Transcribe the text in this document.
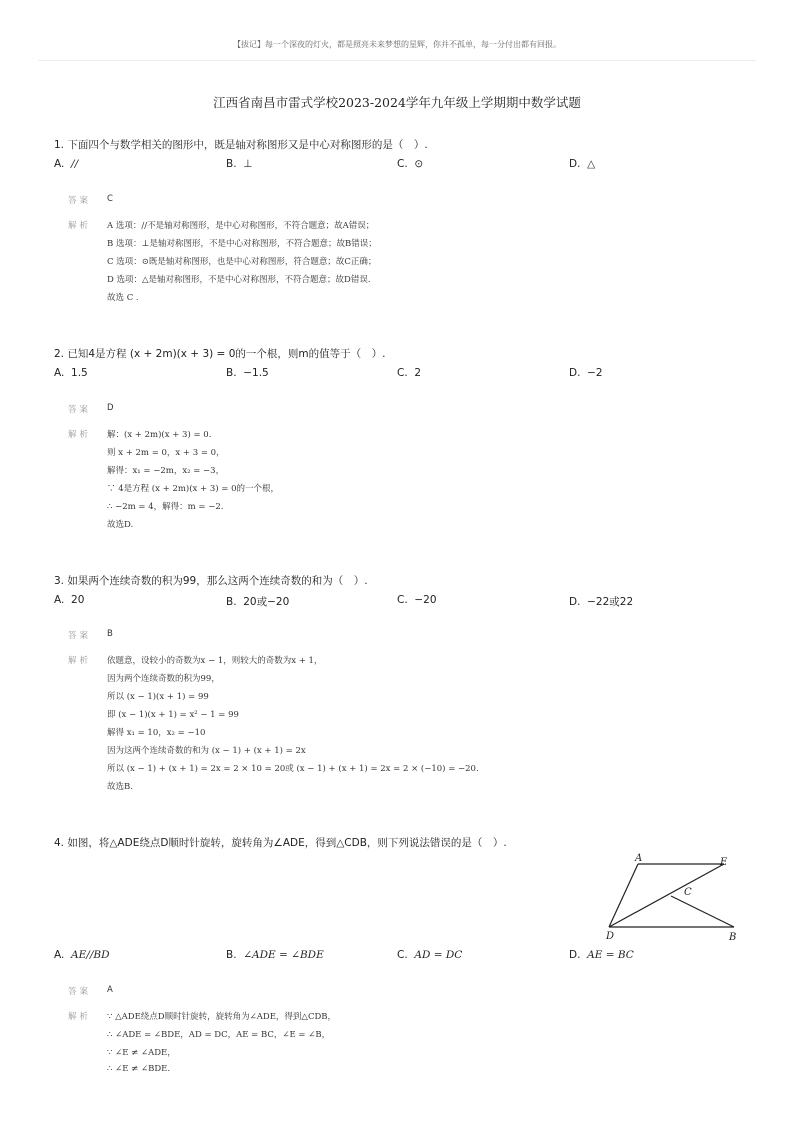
【拔记】每一个深夜的灯火，都是照亮未来梦想的星辉，你并不孤单，每一分付出都有回报。
江西省南昌市雷式学校2023-2024学年九年级上学期期中数学试题
1. 下面四个与数学相关的图形中，既是轴对称图形又是中心对称图形的是（　）.
A. //	B. ⊥	C. ⊙	D. △
答案 C
解析 A 选项：//不是轴对称图形，是中心对称图形，不符合题意；故A错误；
B 选项：⊥是轴对称图形，不是中心对称图形，不符合题意；故B错误；
C 选项：⊙既是轴对称图形，也是中心对称图形，符合题意；故C正确；
D 选项：△是轴对称图形，不是中心对称图形，不符合题意；故D错误.
故选 C .
2. 已知4是方程 (x + 2m)(x + 3) = 0的一个根，则m的值等于（　）.
A. 1.5	B. −1.5	C. 2	D. −2
答案 D
解析 解：(x + 2m)(x + 3) = 0.
则 x + 2m = 0，x + 3 = 0，
解得：x₁ = −2m，x₂ = −3，
∵ 4是方程 (x + 2m)(x + 3) = 0的一个根，
∴ −2m = 4，解得：m = −2.
故选D.
3. 如果两个连续奇数的积为99，那么这两个连续奇数的和为（　）.
A. 20	B. 20或−20	C. −20	D. −22或22
答案 B
解析 依题意，设较小的奇数为x − 1，则较大的奇数为x + 1，
因为两个连续奇数的积为99，
所以 (x − 1)(x + 1) = 99
即 (x − 1)(x + 1) = x² − 1 = 99
解得 x₁ = 10，x₂ = −10
因为这两个连续奇数的和为 (x − 1) + (x + 1) = 2x
所以 (x − 1) + (x + 1) = 2x = 2 × 10 = 20或 (x − 1) + (x + 1) = 2x = 2 × (−10) = −20.
故选B.
4. 如图，将△ADE绕点D顺时针旋转，旋转角为∠ADE，得到△CDB，则下列说法错误的是（　）.
A	E
C
D	B
A. AE//BD	B. ∠ADE = ∠BDE	C. AD = DC	D. AE = BC
答案 A
解析 ∵ △ADE绕点D顺时针旋转，旋转角为∠ADE，得到△CDB，
∴ ∠ADE = ∠BDE，AD = DC，AE = BC，∠E = ∠B，
∵ ∠E ≠ ∠ADE，
∴ ∠E ≠ ∠BDE.
